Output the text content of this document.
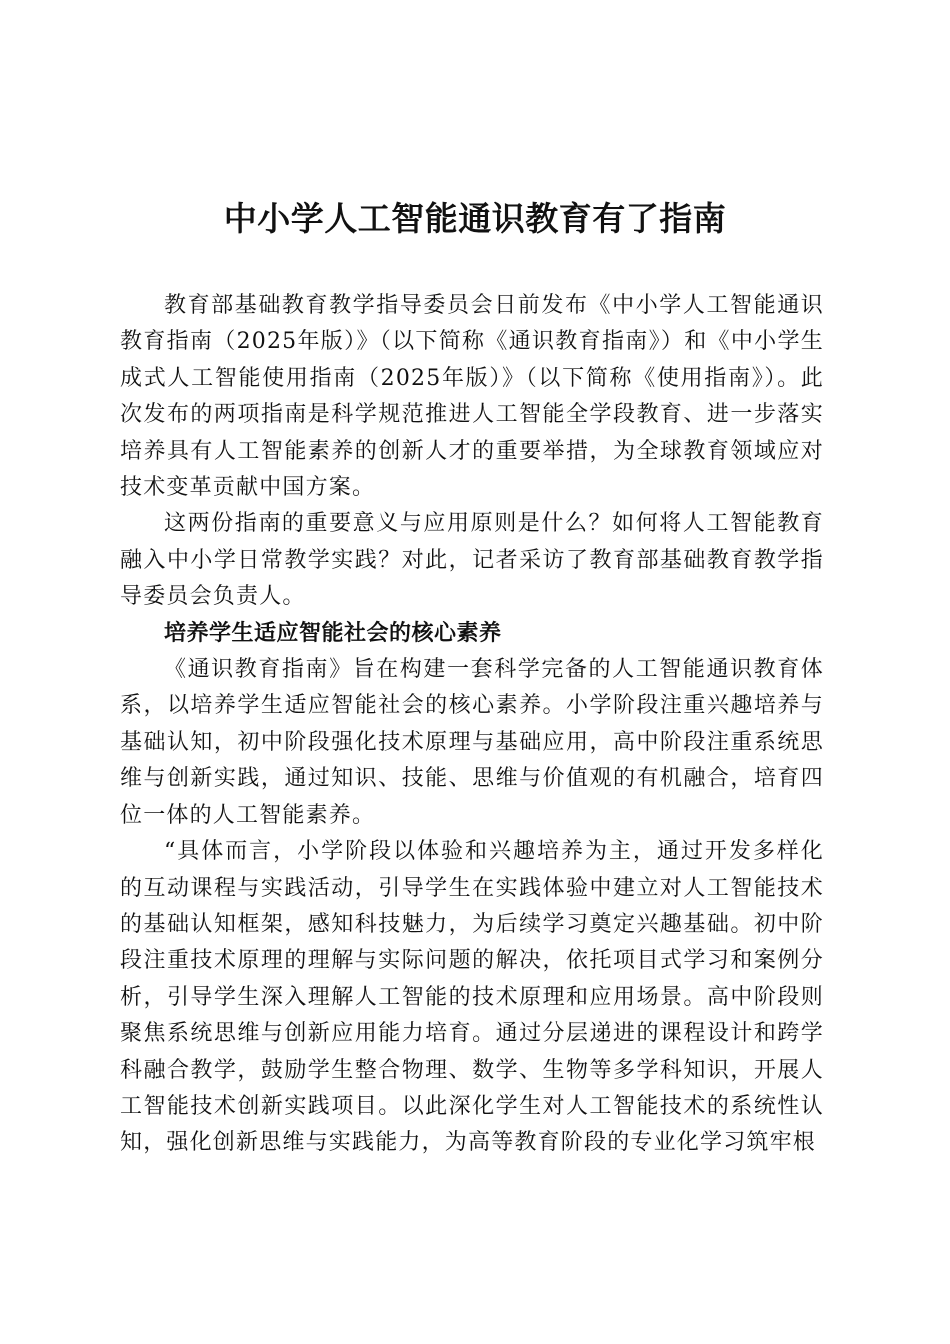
中小学人工智能通识教育有了指南

教育部基础教育教学指导委员会日前发布《中小学人工智能通识教育指南（2025年版）》（以下简称《通识教育指南》）和《中小学生成式人工智能使用指南（2025年版）》（以下简称《使用指南》）。此次发布的两项指南是科学规范推进人工智能全学段教育、进一步落实培养具有人工智能素养的创新人才的重要举措，为全球教育领域应对技术变革贡献中国方案。

这两份指南的重要意义与应用原则是什么？如何将人工智能教育融入中小学日常教学实践？对此，记者采访了教育部基础教育教学指导委员会负责人。

培养学生适应智能社会的核心素养

《通识教育指南》旨在构建一套科学完备的人工智能通识教育体系，以培养学生适应智能社会的核心素养。小学阶段注重兴趣培养与基础认知，初中阶段强化技术原理与基础应用，高中阶段注重系统思维与创新实践，通过知识、技能、思维与价值观的有机融合，培育四位一体的人工智能素养。

“具体而言，小学阶段以体验和兴趣培养为主，通过开发多样化的互动课程与实践活动，引导学生在实践体验中建立对人工智能技术的基础认知框架，感知科技魅力，为后续学习奠定兴趣基础。初中阶段注重技术原理的理解与实际问题的解决，依托项目式学习和案例分析，引导学生深入理解人工智能的技术原理和应用场景。高中阶段则聚焦系统思维与创新应用能力培育。通过分层递进的课程设计和跨学科融合教学，鼓励学生整合物理、数学、生物等多学科知识，开展人工智能技术创新实践项目。以此深化学生对人工智能技术的系统性认知，强化创新思维与实践能力，为高等教育阶段的专业化学习筑牢根
